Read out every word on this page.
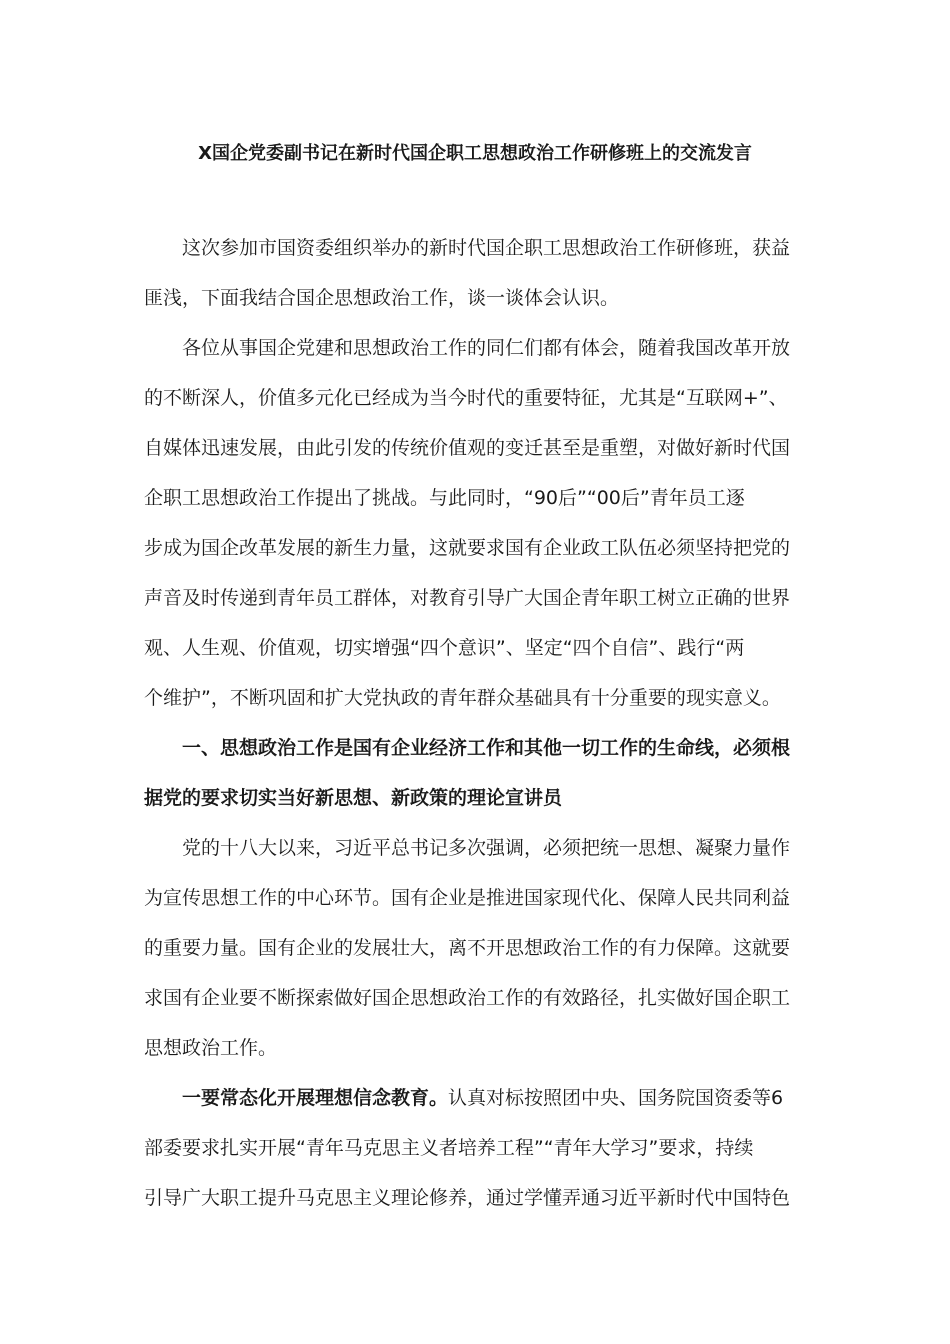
X国企党委副书记在新时代国企职工思想政治工作研修班上的交流发言
这次参加市国资委组织举办的新时代国企职工思想政治工作研修班，获益
匪浅，下面我结合国企思想政治工作，谈一谈体会认识。
各位从事国企党建和思想政治工作的同仁们都有体会，随着我国改革开放
的不断深人，价值多元化已经成为当今时代的重要特征，尤其是“互联网+”、
自媒体迅速发展，由此引发的传统价值观的变迁甚至是重塑，对做好新时代国
企职工思想政治工作提出了挑战。与此同时，“90后”“00后”青年员工逐
步成为国企改革发展的新生力量，这就要求国有企业政工队伍必须坚持把党的
声音及时传递到青年员工群体，对教育引导广大国企青年职工树立正确的世界
观、人生观、价值观，切实增强“四个意识”、坚定“四个自信”、践行“两
个维护”，不断巩固和扩大党执政的青年群众基础具有十分重要的现实意义。
一、思想政治工作是国有企业经济工作和其他一切工作的生命线，必须根
据党的要求切实当好新思想、新政策的理论宣讲员
党的十八大以来，习近平总书记多次强调，必须把统一思想、凝聚力量作
为宣传思想工作的中心环节。国有企业是推进国家现代化、保障人民共同利益
的重要力量。国有企业的发展壮大，离不开思想政治工作的有力保障。这就要
求国有企业要不断探索做好国企思想政治工作的有效路径，扎实做好国企职工
思想政治工作。
一要常态化开展理想信念教育。认真对标按照团中央、国务院国资委等6
部委要求扎实开展“青年马克思主义者培养工程”“青年大学习”要求，持续
引导广大职工提升马克思主义理论修养，通过学懂弄通习近平新时代中国特色
